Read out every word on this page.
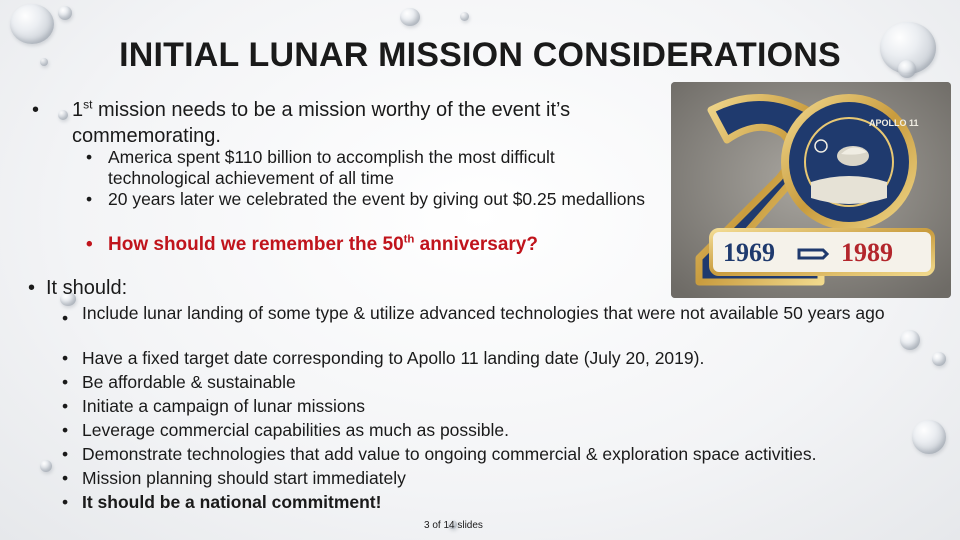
INITIAL LUNAR MISSION CONSIDERATIONS
• 1st mission needs to be a mission worthy of the event it’s commemorating.
• America spent $110 billion to accomplish the most difficult technological achievement of all time
• 20 years later we celebrated the event by giving out $0.25 medallions
• How should we remember the 50th anniversary?
• It should:
• Include lunar landing of some type & utilize advanced technologies that were not available 50 years ago
• Have a fixed target date corresponding to Apollo 11 landing date (July 20, 2019).
• Be affordable & sustainable
• Initiate a campaign of lunar missions
• Leverage commercial capabilities as much as possible.
• Demonstrate technologies that add value to ongoing commercial & exploration space activities.
• Mission planning should start immediately
• It should be a national commitment!
3 of 14 slides
APOLLO 11
1969	1989
